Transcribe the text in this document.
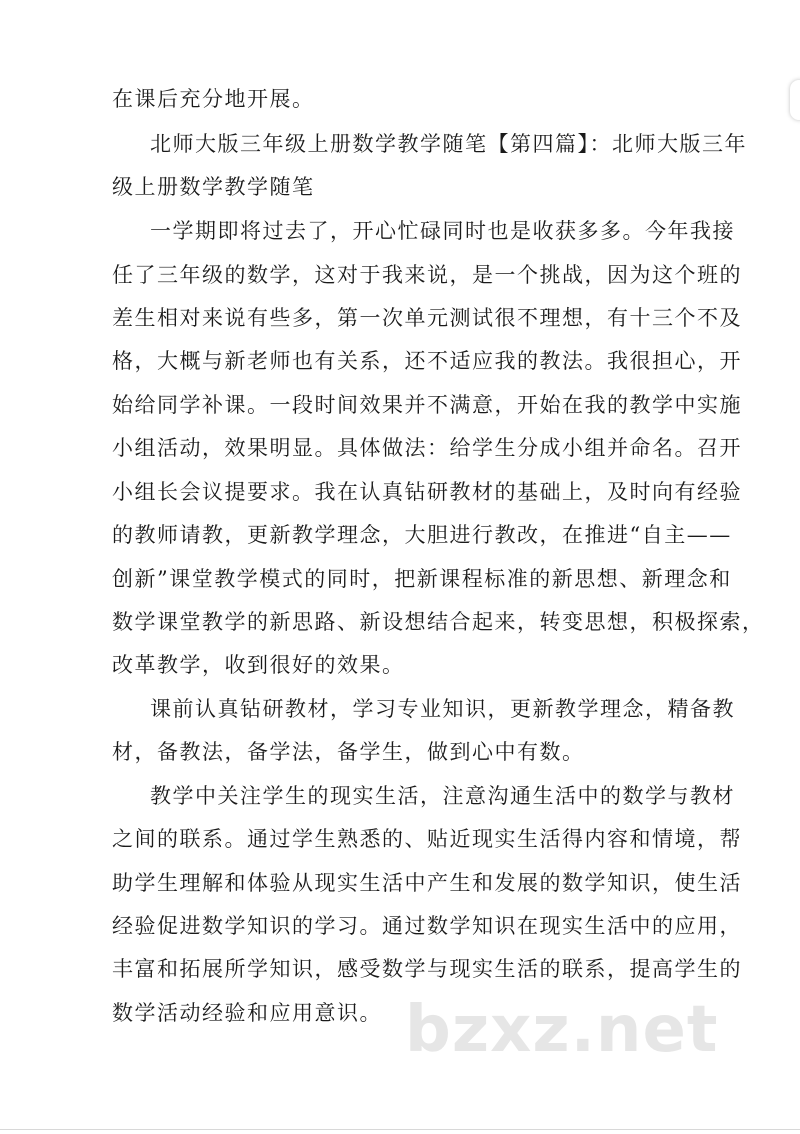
在课后充分地开展。
北师大版三年级上册数学教学随笔【第四篇】：北师大版三年
级上册数学教学随笔
一学期即将过去了，开心忙碌同时也是收获多多。今年我接
任了三年级的数学，这对于我来说，是一个挑战，因为这个班的
差生相对来说有些多，第一次单元测试很不理想，有十三个不及
格，大概与新老师也有关系，还不适应我的教法。我很担心，开
始给同学补课。一段时间效果并不满意，开始在我的教学中实施
小组活动，效果明显。具体做法：给学生分成小组并命名。召开
小组长会议提要求。我在认真钻研教材的基础上，及时向有经验
的教师请教，更新教学理念，大胆进行教改，在推进“自主——
创新”课堂教学模式的同时，把新课程标准的新思想、新理念和
数学课堂教学的新思路、新设想结合起来，转变思想，积极探索，
改革教学，收到很好的效果。
课前认真钻研教材，学习专业知识，更新教学理念，精备教
材，备教法，备学法，备学生，做到心中有数。
教学中关注学生的现实生活，注意沟通生活中的数学与教材
之间的联系。通过学生熟悉的、贴近现实生活得内容和情境，帮
助学生理解和体验从现实生活中产生和发展的数学知识，使生活
经验促进数学知识的学习。通过数学知识在现实生活中的应用，
丰富和拓展所学知识，感受数学与现实生活的联系，提高学生的
数学活动经验和应用意识。 bzxz.net
